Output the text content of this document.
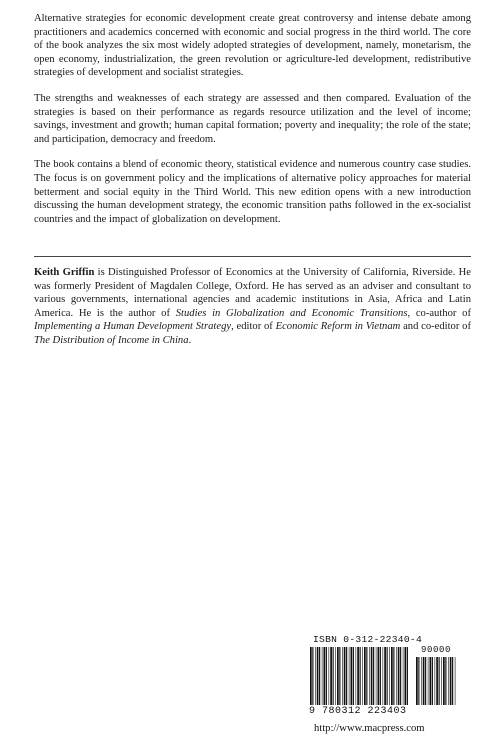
Alternative strategies for economic development create great controversy and intense debate among practitioners and academics concerned with economic and social progress in the third world. The core of the book analyzes the six most widely adopted strategies of development, namely, monetarism, the open economy, industrialization, the green revolution or agriculture-led development, redistributive strategies of development and socialist strategies.

The strengths and weaknesses of each strategy are assessed and then compared. Evaluation of the strategies is based on their performance as regards resource utilization and the level of income; savings, investment and growth; human capital formation; poverty and inequality; the role of the state; and participation, democracy and freedom.

The book contains a blend of economic theory, statistical evidence and numerous country case studies. The focus is on government policy and the implications of alternative policy approaches for material betterment and social equity in the Third World. This new edition opens with a new introduction discussing the human development strategy, the economic transition paths followed in the ex-socialist countries and the impact of globalization on development.

Keith Griffin is Distinguished Professor of Economics at the University of California, Riverside. He was formerly President of Magdalen College, Oxford. He has served as an adviser and consultant to various governments, international agencies and academic institutions in Asia, Africa and Latin America. He is the author of Studies in Globalization and Economic Transitions, co-author of Implementing a Human Development Strategy, editor of Economic Reform in Vietnam and co-editor of The Distribution of Income in China.

ISBN 0-312-22340-4
90000
9 780312 223403
http://www.macpress.com
